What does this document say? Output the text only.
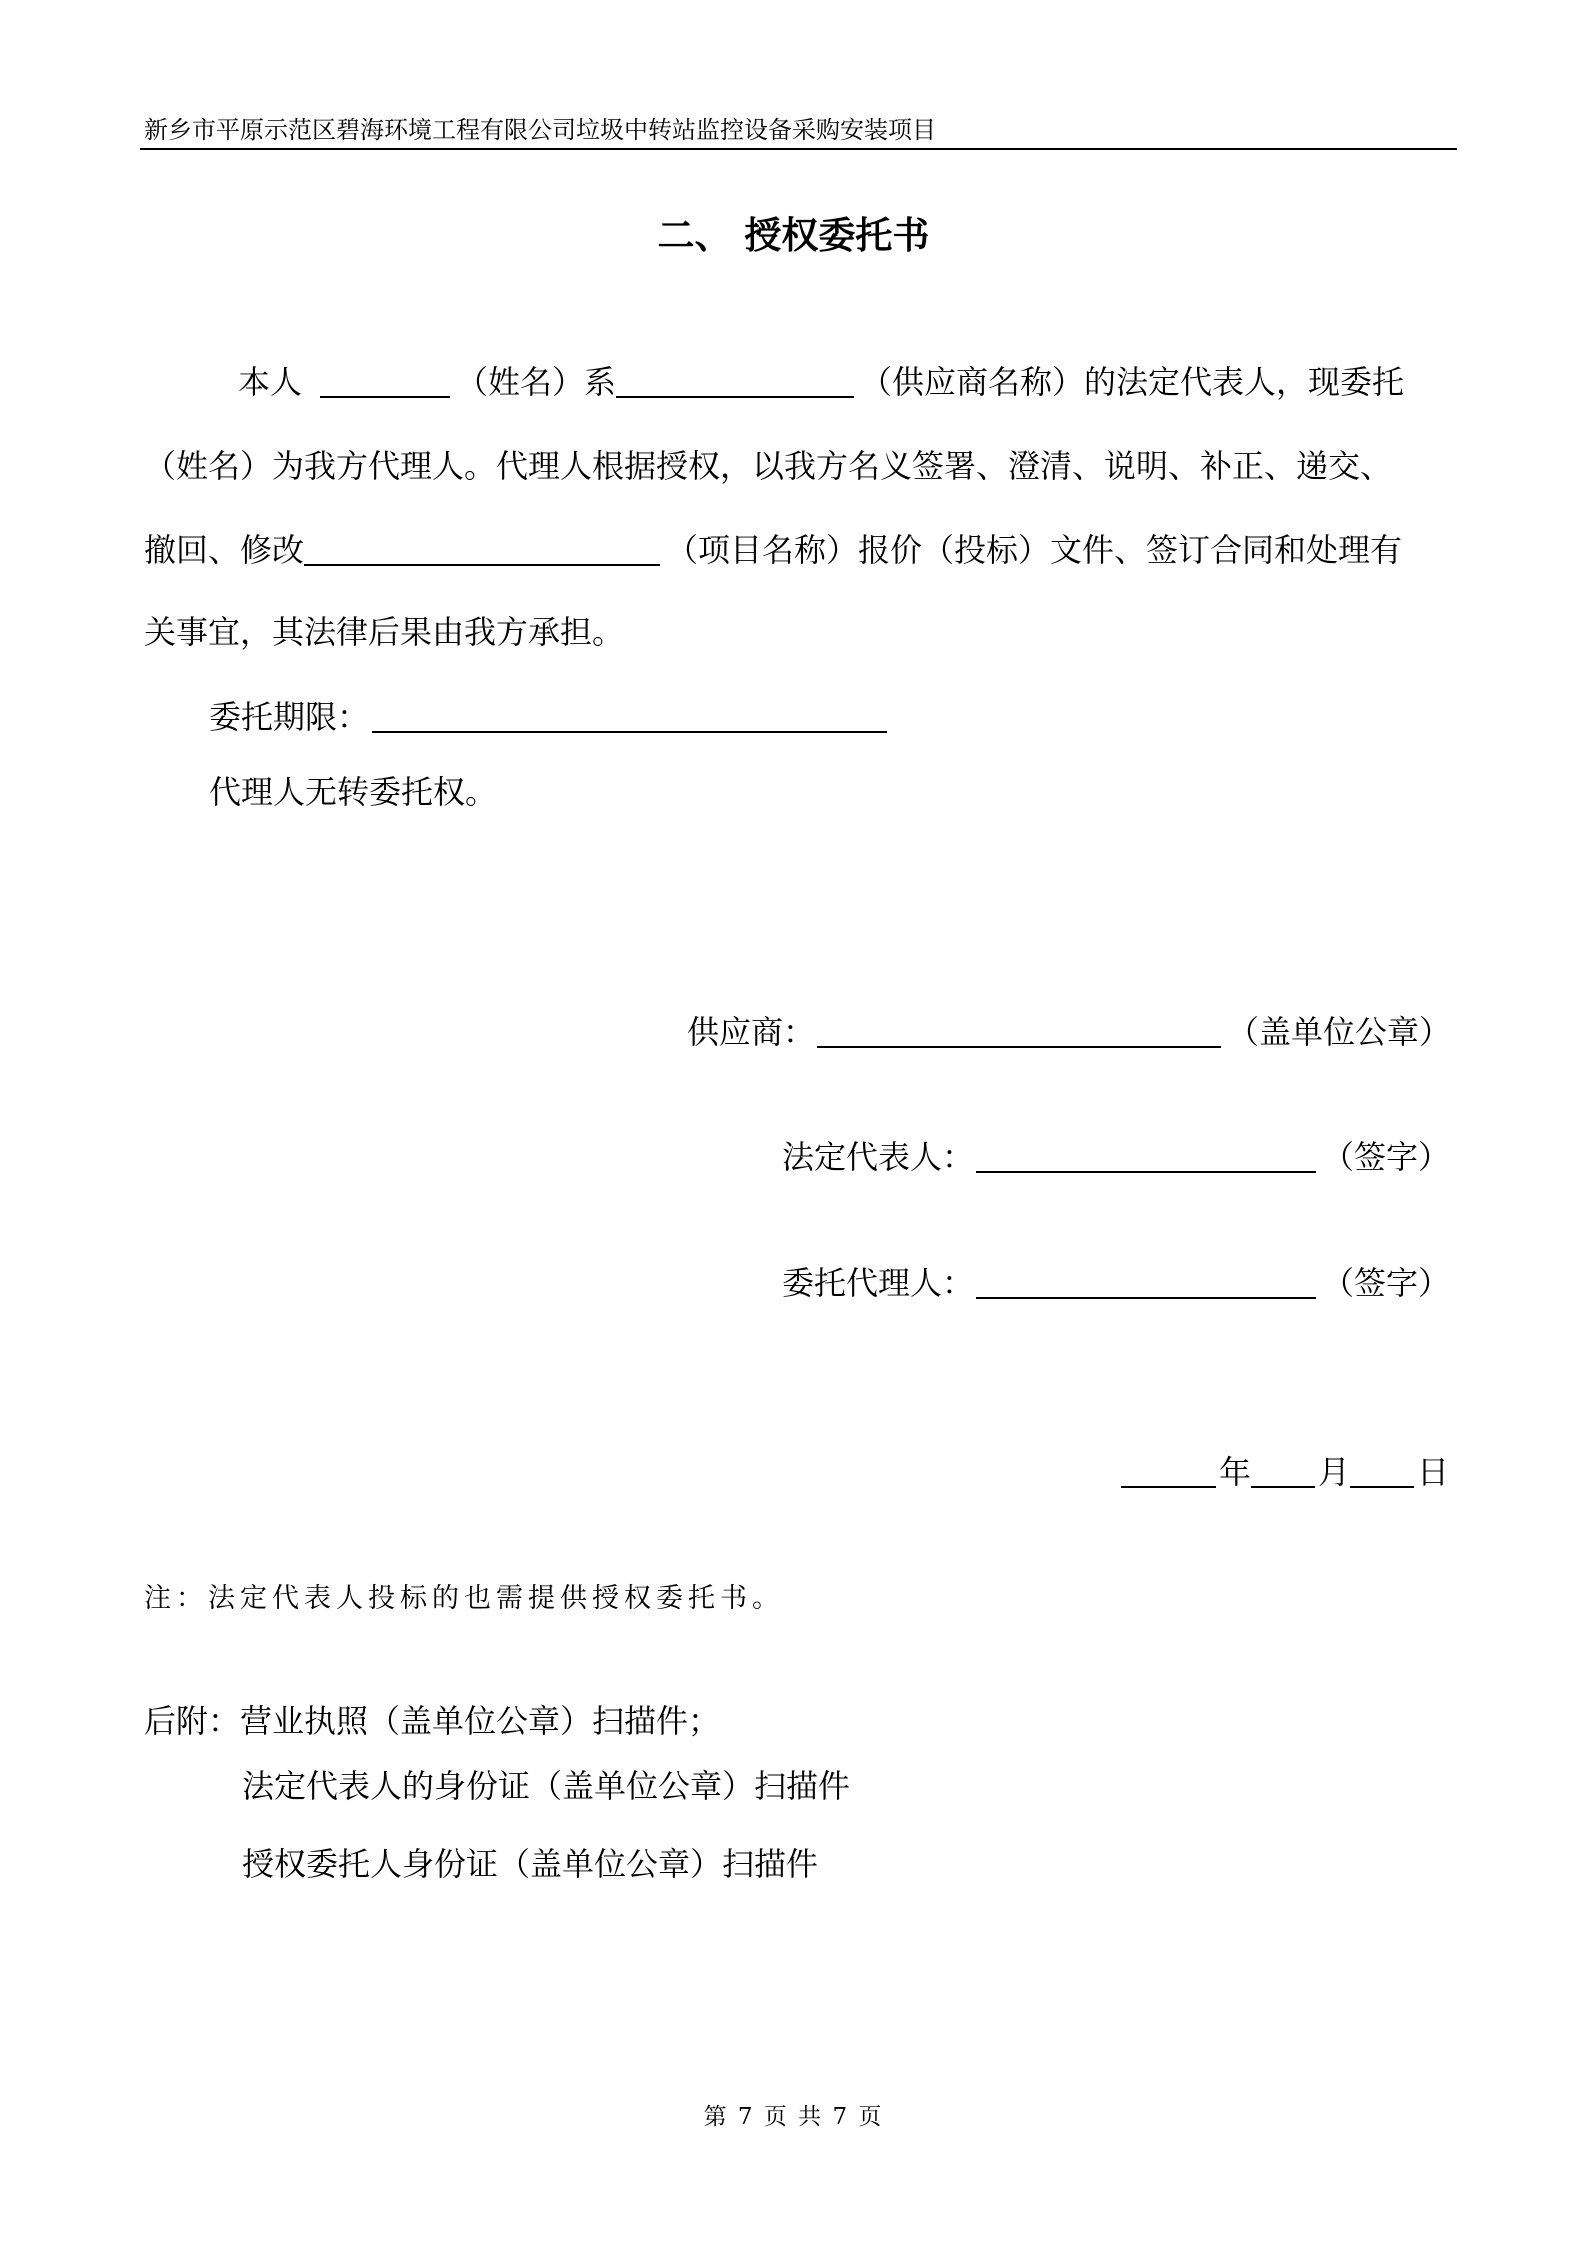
新乡市平原示范区碧海环境工程有限公司垃圾中转站监控设备采购安装项目
二、 授权委托书
本人	（姓名）系	（供应商名称）的法定代表人，现委托
（姓名）为我方代理人。代理人根据授权，以我方名义签署、澄清、说明、补正、递交、
撤回、修改	（项目名称）报价（投标）文件、签订合同和处理有
关事宜，其法律后果由我方承担。
委托期限：
代理人无转委托权。
供应商：	（盖单位公章）
法定代表人：	（签字）
委托代理人：	（签字）
年 月 日
注：法定代表人投标的也需提供授权委托书。
后附：营业执照（盖单位公章）扫描件；
法定代表人的身份证（盖单位公章）扫描件
授权委托人身份证（盖单位公章）扫描件
第 7 页 共 7 页
